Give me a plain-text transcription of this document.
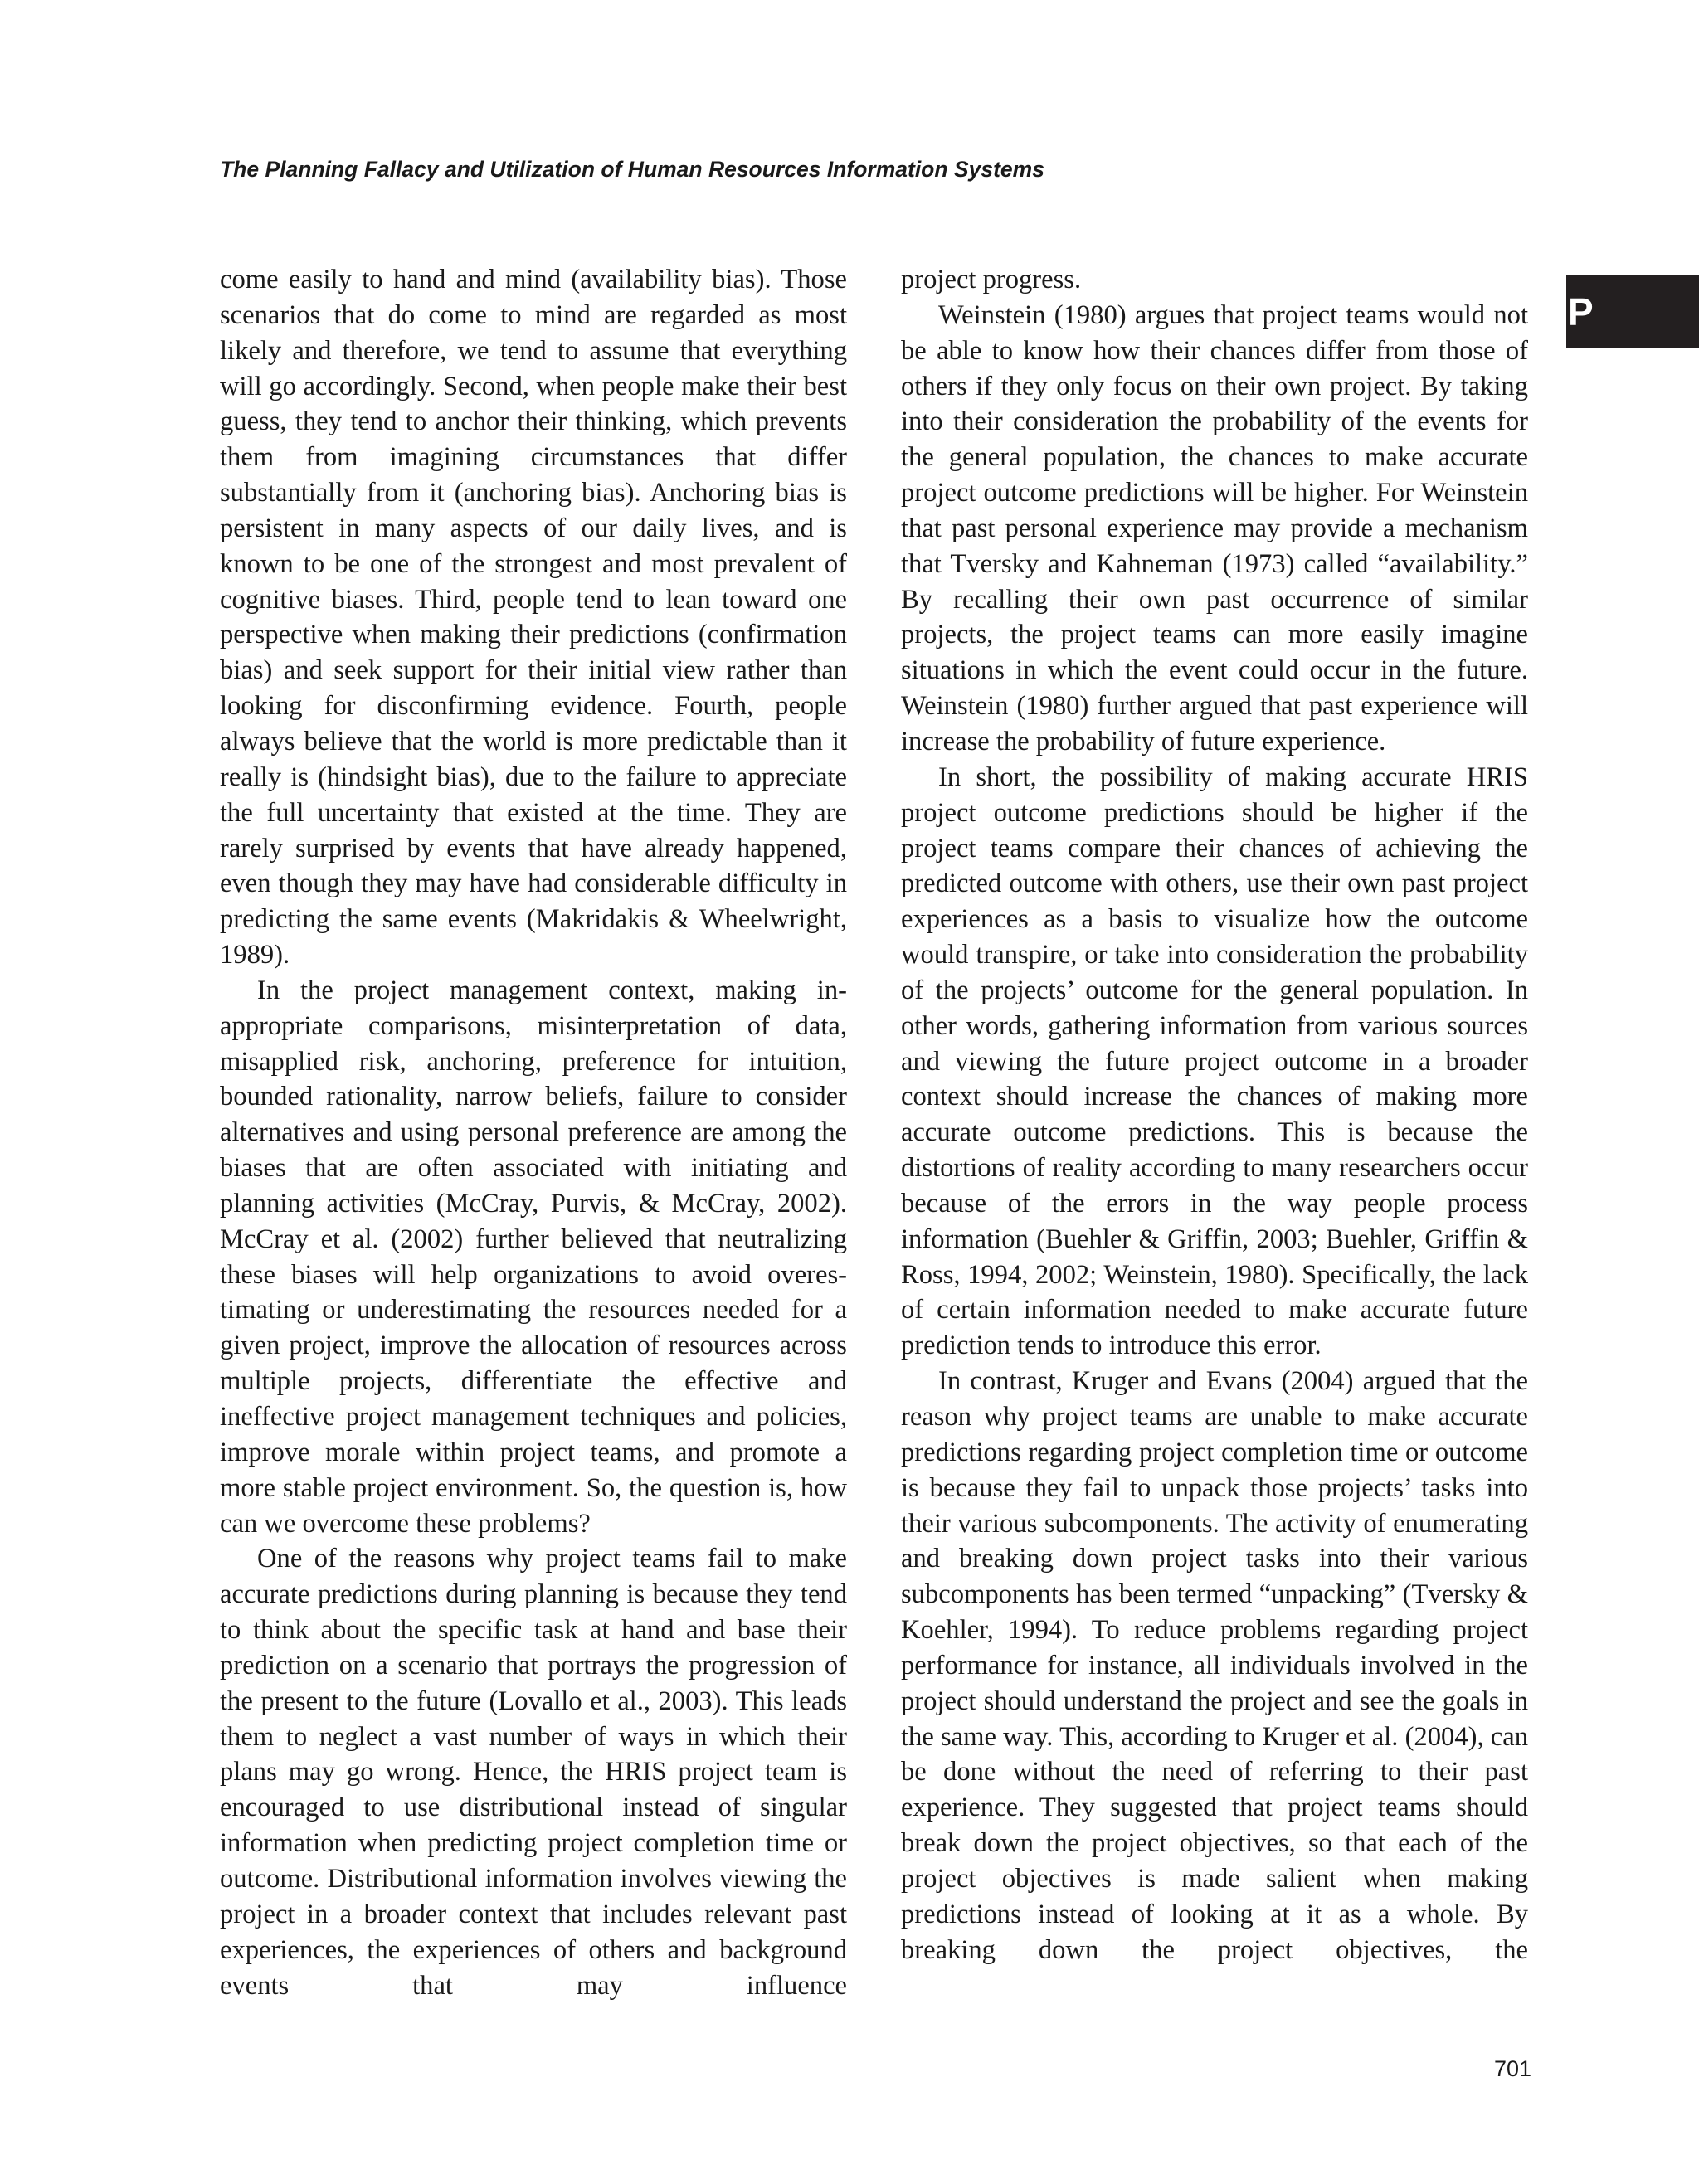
The Planning Fallacy and Utilization of Human Resources Information Systems
P

come easily to hand and mind (availability bias). Those scenarios that do come to mind are regarded as most likely and therefore, we tend to assume that everything will go accordingly. Second, when people make their best guess, they tend to anchor their thinking, which prevents them from imagining circumstances that differ substantially from it (anchoring bias). Anchoring bias is persistent in many aspects of our daily lives, and is known to be one of the strongest and most prevalent of cognitive biases. Third, people tend to lean toward one perspective when making their predictions (confirmation bias) and seek support for their initial view rather than looking for disconfirming evidence. Fourth, people always believe that the world is more predictable than it really is (hindsight bias), due to the failure to appreciate the full uncertainty that existed at the time. They are rarely surprised by events that have already happened, even though they may have had considerable difficulty in predicting the same events (Makridakis & Wheelwright, 1989).

In the project management context, making inappropriate comparisons, misinterpretation of data, misapplied risk, anchoring, preference for intuition, bounded rationality, narrow beliefs, failure to consider alternatives and using personal preference are among the biases that are often associated with initiating and planning activities (McCray, Purvis, & McCray, 2002). McCray et al. (2002) further believed that neutralizing these biases will help organizations to avoid overestimating or underestimating the resources needed for a given project, improve the allocation of resources across multiple projects, differentiate the effective and ineffective project management techniques and policies, improve morale within project teams, and promote a more stable project environment. So, the question is, how can we overcome these problems?

One of the reasons why project teams fail to make accurate predictions during planning is because they tend to think about the specific task at hand and base their prediction on a scenario that portrays the progression of the present to the future (Lovallo et al., 2003). This leads them to neglect a vast number of ways in which their plans may go wrong. Hence, the HRIS project team is encouraged to use distributional instead of singular information when predicting project completion time or outcome. Distributional information involves viewing the project in a broader context that includes relevant past experiences, the experiences of others and background events that may influence

project progress.

Weinstein (1980) argues that project teams would not be able to know how their chances differ from those of others if they only focus on their own project. By taking into their consideration the probability of the events for the general population, the chances to make accurate project outcome predictions will be higher. For Weinstein that past personal experience may provide a mechanism that Tversky and Kahneman (1973) called “availability.” By recalling their own past occurrence of similar projects, the project teams can more easily imagine situations in which the event could occur in the future. Weinstein (1980) further argued that past experience will increase the probability of future experience.

In short, the possibility of making accurate HRIS project outcome predictions should be higher if the project teams compare their chances of achieving the predicted outcome with others, use their own past project experiences as a basis to visualize how the outcome would transpire, or take into consideration the probability of the projects’ outcome for the general population. In other words, gathering information from various sources and viewing the future project outcome in a broader context should increase the chances of making more accurate outcome predictions. This is because the distortions of reality according to many researchers occur because of the errors in the way people process information (Buehler & Griffin, 2003; Buehler, Griffin & Ross, 1994, 2002; Weinstein, 1980). Specifically, the lack of certain information needed to make accurate future prediction tends to introduce this error.

In contrast, Kruger and Evans (2004) argued that the reason why project teams are unable to make accurate predictions regarding project completion time or outcome is because they fail to unpack those projects’ tasks into their various subcomponents. The activity of enumerating and breaking down project tasks into their various subcomponents has been termed “unpacking” (Tversky & Koehler, 1994). To reduce problems regarding project performance for instance, all individuals involved in the project should understand the project and see the goals in the same way. This, according to Kruger et al. (2004), can be done without the need of referring to their past experience. They suggested that project teams should break down the project objectives, so that each of the project objectives is made salient when making predictions instead of looking at it as a whole. By breaking down the project objectives, the

701
